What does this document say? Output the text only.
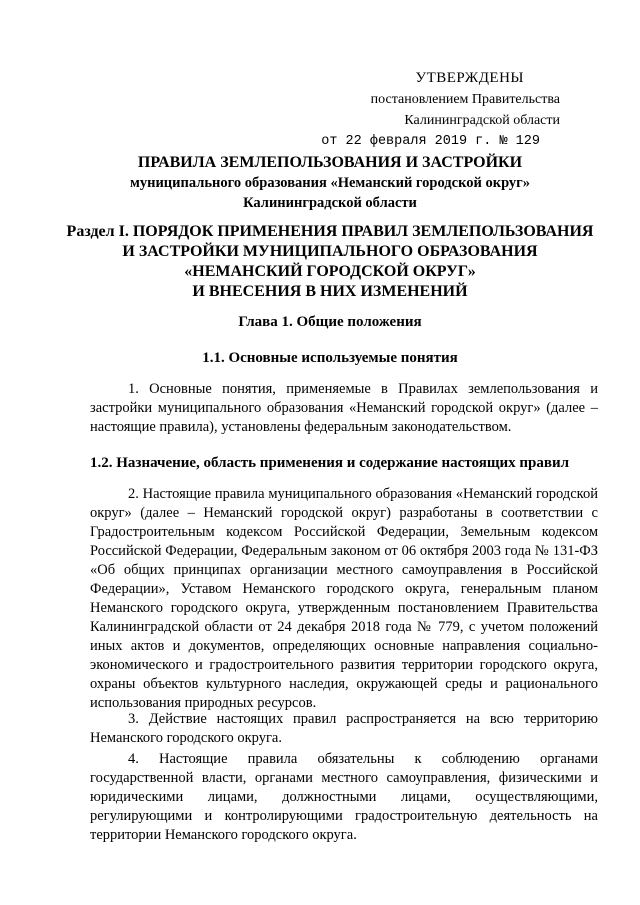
УТВЕРЖДЕНЫ
постановлением Правительства
Калининградской области
от 22 февраля 2019 г. № 129
ПРАВИЛА ЗЕМЛЕПОЛЬЗОВАНИЯ И ЗАСТРОЙКИ
муниципального образования «Неманский городской округ»
Калининградской области
Раздел I. ПОРЯДОК ПРИМЕНЕНИЯ ПРАВИЛ ЗЕМЛЕПОЛЬЗОВАНИЯ
И ЗАСТРОЙКИ МУНИЦИПАЛЬНОГО ОБРАЗОВАНИЯ
«НЕМАНСКИЙ ГОРОДСКОЙ ОКРУГ»
И ВНЕСЕНИЯ В НИХ ИЗМЕНЕНИЙ
Глава 1. Общие положения
1.1. Основные используемые понятия
1. Основные понятия, применяемые в Правилах землепользования и застройки муниципального образования «Неманский городской округ» (далее – настоящие правила), установлены федеральным законодательством.
1.2. Назначение, область применения и содержание настоящих правил
2. Настоящие правила муниципального образования «Неманский городской округ» (далее – Неманский городской округ) разработаны в соответствии с Градостроительным кодексом Российской Федерации, Земельным кодексом Российской Федерации, Федеральным законом от 06 октября 2003 года № 131-ФЗ «Об общих принципах организации местного самоуправления в Российской Федерации», Уставом Неманского городского округа, генеральным планом Неманского городского округа, утвержденным постановлением Правительства Калининградской области от 24 декабря 2018 года № 779, с учетом положений иных актов и документов, определяющих основные направления социально-экономического и градостроительного развития территории городского округа, охраны объектов культурного наследия, окружающей среды и рационального использования природных ресурсов.
3. Действие настоящих правил распространяется на всю территорию Неманского городского округа.
4. Настоящие правила обязательны к соблюдению органами государственной власти, органами местного самоуправления, физическими и юридическими лицами, должностными лицами, осуществляющими, регулирующими и контролирующими градостроительную деятельность на территории Неманского городского округа.
